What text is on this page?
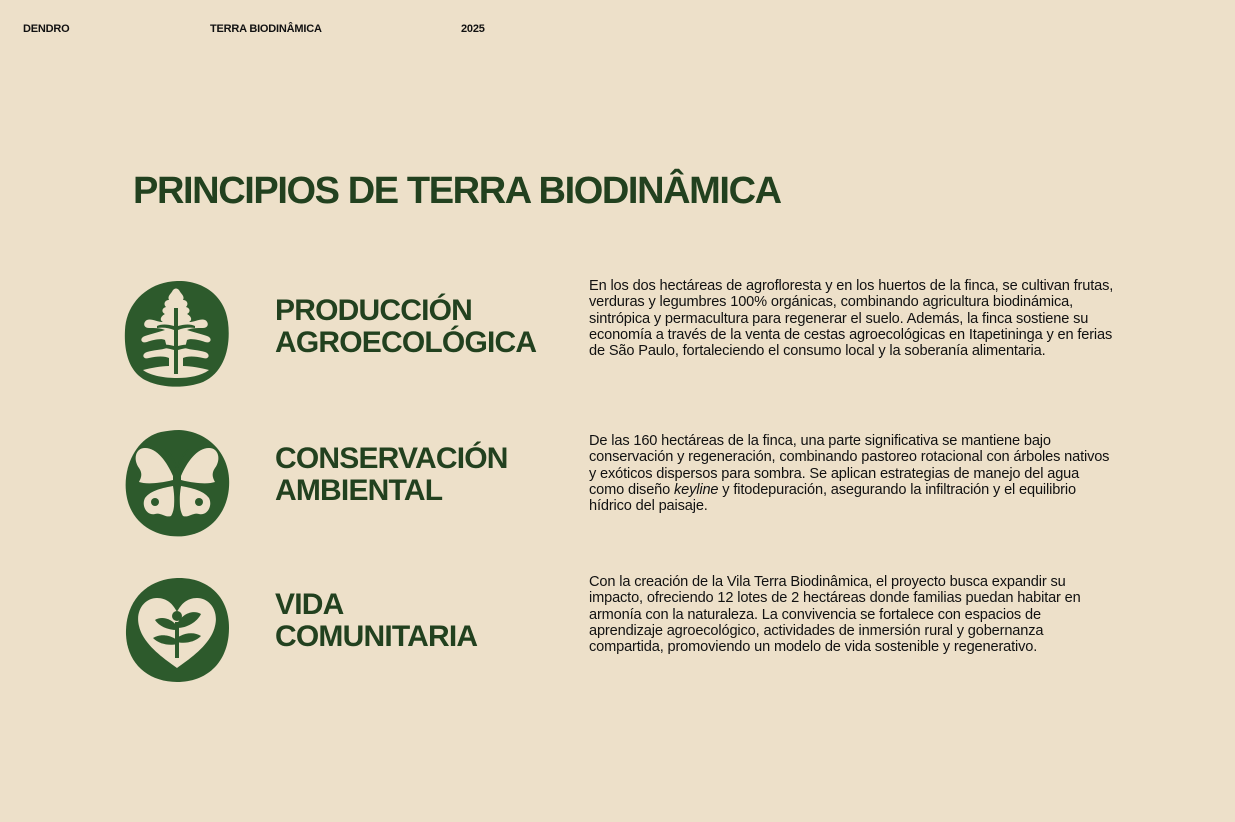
DENDRO	TERRA BIODINÂMICA	2025
PRINCIPIOS DE TERRA BIODINÂMICA
PRODUCCIÓN
AGROECOLÓGICA

En los dos hectáreas de agrofloresta y en los huertos de la finca, se cultivan frutas, verduras y legumbres 100% orgánicas, combinando agricultura biodinámica, sintrópica y permacultura para regenerar el suelo. Además, la finca sostiene su economía a través de la venta de cestas agroecológicas en Itapetininga y en ferias de São Paulo, fortaleciendo el consumo local y la soberanía alimentaria.

CONSERVACIÓN
AMBIENTAL

De las 160 hectáreas de la finca, una parte significativa se mantiene bajo conservación y regeneración, combinando pastoreo rotacional con árboles nativos y exóticos dispersos para sombra. Se aplican estrategias de manejo del agua como diseño keyline y fitodepuración, asegurando la infiltración y el equilibrio hídrico del paisaje.

VIDA
COMUNITARIA

Con la creación de la Vila Terra Biodinâmica, el proyecto busca expandir su impacto, ofreciendo 12 lotes de 2 hectáreas donde familias puedan habitar en armonía con la naturaleza. La convivencia se fortalece con espacios de aprendizaje agroecológico, actividades de inmersión rural y gobernanza compartida, promoviendo un modelo de vida sostenible y regenerativo.
